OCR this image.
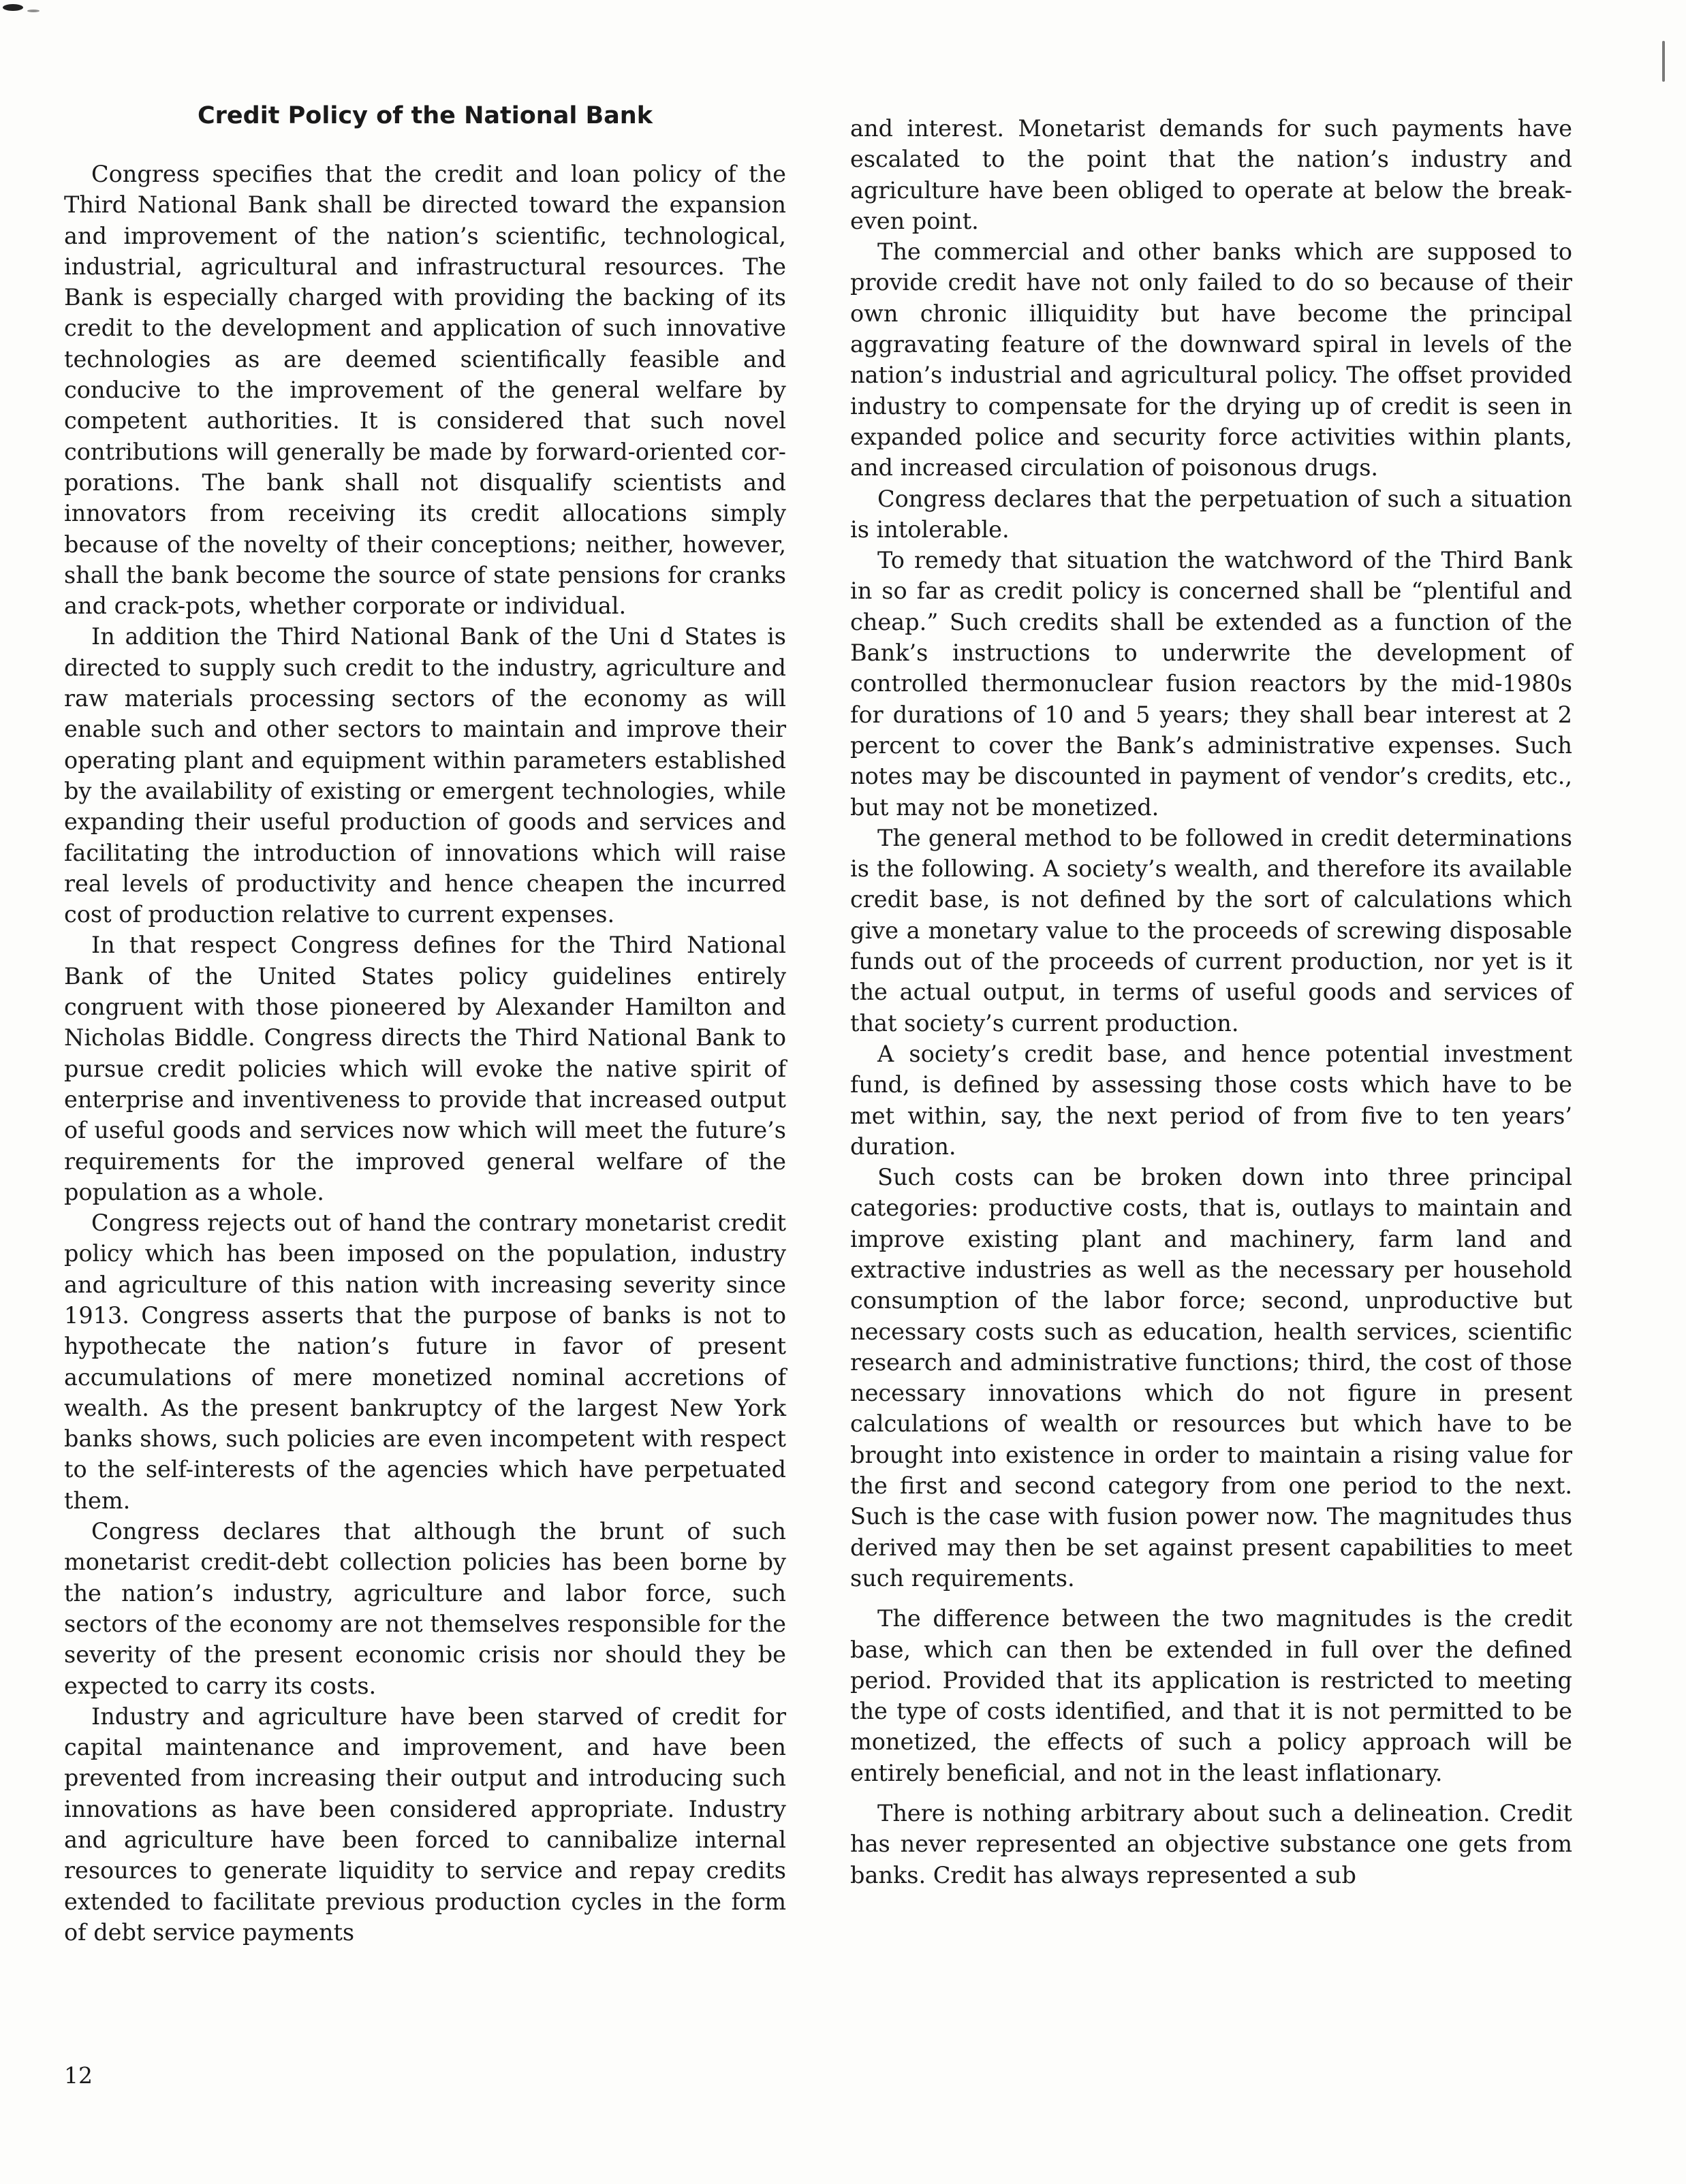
Credit Policy of the National Bank

Congress specifies that the credit and loan policy of the Third National Bank shall be directed toward the expansion and improvement of the nation’s scientific, technological, industrial, agricultural and infrastructural resources. The Bank is especially charged with providing the backing of its credit to the development and application of such innovative technologies as are deemed scientifically feasible and conducive to the improvement of the general welfare by competent authorities. It is considered that such novel contributions will generally be made by forward-oriented corporations. The bank shall not disqualify scientists and innovators from receiving its credit allocations simply because of the novelty of their conceptions; neither, however, shall the bank become the source of state pensions for cranks and crack-pots, whether corporate or individual.

In addition the Third National Bank of the Uni d States is directed to supply such credit to the industry, agriculture and raw materials processing sectors of the economy as will enable such and other sectors to maintain and improve their operating plant and equipment within parameters established by the availability of existing or emergent technologies, while expanding their useful production of goods and services and facilitating the introduction of innovations which will raise real levels of productivity and hence cheapen the incurred cost of production relative to current expenses.

In that respect Congress defines for the Third National Bank of the United States policy guidelines entirely congruent with those pioneered by Alexander Hamilton and Nicholas Biddle. Congress directs the Third National Bank to pursue credit policies which will evoke the native spirit of enterprise and inventiveness to provide that increased output of useful goods and services now which will meet the future’s requirements for the improved general welfare of the population as a whole.

Congress rejects out of hand the contrary monetarist credit policy which has been imposed on the population, industry and agriculture of this nation with increasing severity since 1913. Congress asserts that the purpose of banks is not to hypothecate the nation’s future in favor of present accumulations of mere monetized nominal accretions of wealth. As the present bankruptcy of the largest New York banks shows, such policies are even incompetent with respect to the self-interests of the agencies which have perpetuated them.

Congress declares that although the brunt of such monetarist credit-debt collection policies has been borne by the nation’s industry, agriculture and labor force, such sectors of the economy are not themselves responsible for the severity of the present economic crisis nor should they be expected to carry its costs.

Industry and agriculture have been starved of credit for capital maintenance and improvement, and have been prevented from increasing their output and introducing such innovations as have been considered appropriate. Industry and agriculture have been forced to cannibalize internal resources to generate liquidity to service and repay credits extended to facilitate previous production cycles in the form of debt service payments

and interest. Monetarist demands for such payments have escalated to the point that the nation’s industry and agriculture have been obliged to operate at below the break-even point.

The commercial and other banks which are supposed to provide credit have not only failed to do so because of their own chronic illiquidity but have become the principal aggravating feature of the downward spiral in levels of the nation’s industrial and agricultural policy. The offset provided industry to compensate for the drying up of credit is seen in expanded police and security force activities within plants, and increased circulation of poisonous drugs.

Congress declares that the perpetuation of such a situation is intolerable.

To remedy that situation the watchword of the Third Bank in so far as credit policy is concerned shall be “plentiful and cheap.” Such credits shall be extended as a function of the Bank’s instructions to underwrite the development of controlled thermonuclear fusion reactors by the mid-1980s for durations of 10 and 5 years; they shall bear interest at 2 percent to cover the Bank’s administrative expenses. Such notes may be discounted in payment of vendor’s credits, etc., but may not be monetized.

The general method to be followed in credit determinations is the following. A society’s wealth, and therefore its available credit base, is not defined by the sort of calculations which give a monetary value to the proceeds of screwing disposable funds out of the proceeds of current production, nor yet is it the actual output, in terms of useful goods and services of that society’s current production.

A society’s credit base, and hence potential investment fund, is defined by assessing those costs which have to be met within, say, the next period of from five to ten years’ duration.

Such costs can be broken down into three principal categories: productive costs, that is, outlays to maintain and improve existing plant and machinery, farm land and extractive industries as well as the necessary per household consumption of the labor force; second, unproductive but necessary costs such as education, health services, scientific research and administrative functions; third, the cost of those necessary innovations which do not figure in present calculations of wealth or resources but which have to be brought into existence in order to maintain a rising value for the first and second category from one period to the next. Such is the case with fusion power now. The magnitudes thus derived may then be set against present capabilities to meet such requirements.

The difference between the two magnitudes is the credit base, which can then be extended in full over the defined period. Provided that its application is restricted to meeting the type of costs identified, and that it is not permitted to be monetized, the effects of such a policy approach will be entirely beneficial, and not in the least inflationary.

There is nothing arbitrary about such a delineation. Credit has never represented an objective substance one gets from banks. Credit has always represented a sub

12
